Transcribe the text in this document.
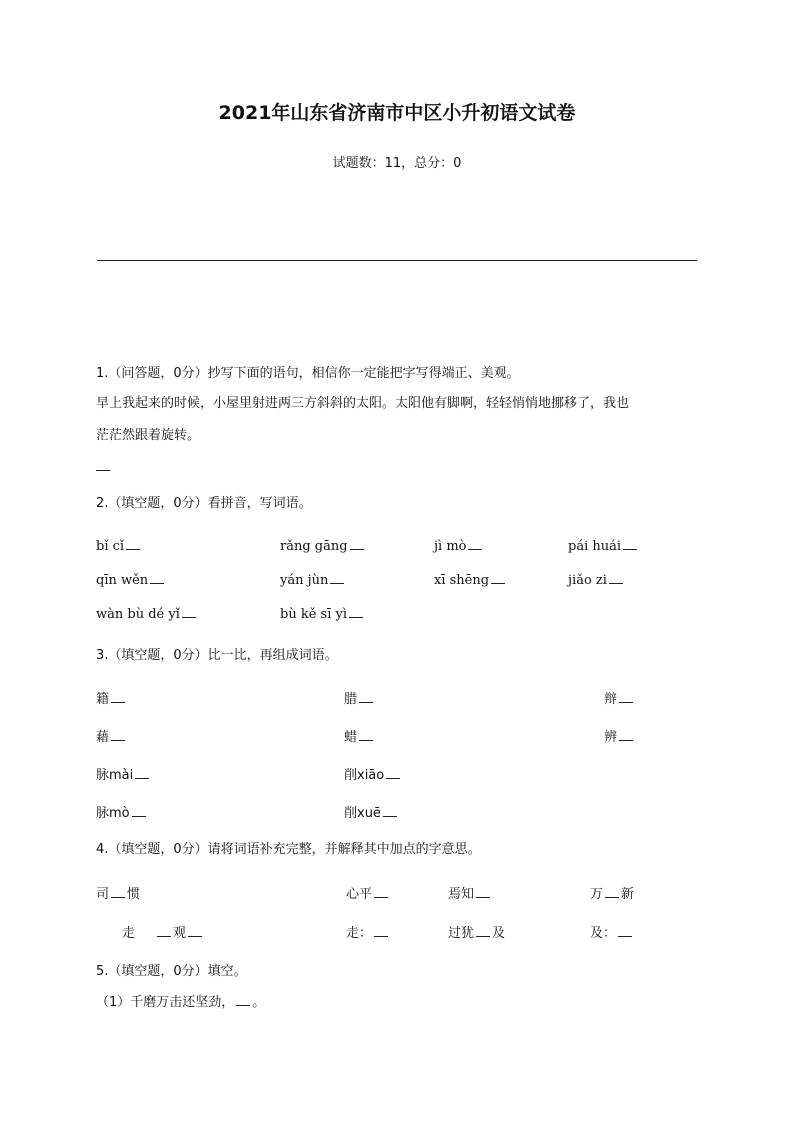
2021年山东省济南市中区小升初语文试卷
试题数：11，总分：0
1.（问答题，0分）抄写下面的语句，相信你一定能把字写得端正、美观。
早上我起来的时候，小屋里射进两三方斜斜的太阳。太阳他有脚啊，轻轻悄悄地挪移了，我也
茫茫然跟着旋转。
2.（填空题，0分）看拼音，写词语。
bǐ cǐ	rǎng gāng	jì mò	pái huái
qīn wěn	yán jùn	xī shēng	jiǎo zi
wàn bù dé yǐ	bù kě sī yì
3.（填空题，0分）比一比，再组成词语。
籍	腊	辩
藉	蜡	辨
脉mài	削xiāo
脉mò	削xuē
4.（填空题，0分）请将词语补充完整，并解释其中加点的字意思。
司 惯	心平	焉知	万 新
走	观	走：	过犹 及	及：
5.（填空题，0分）填空。
（1）千磨万击还坚劲， 。
